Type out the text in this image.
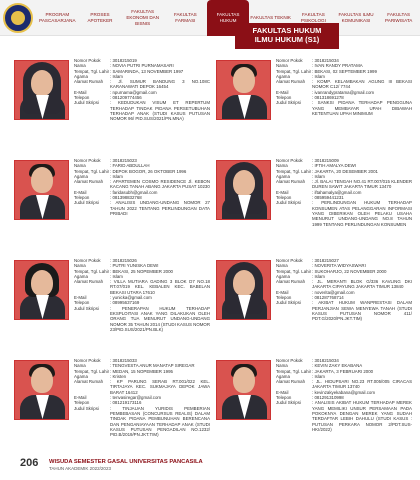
PROGRAM PASCASARJANA
PROSES APOTEKER
FAKULTAS EKONOMI DAN BISNIS
FAKULTAS FARMASI
FAKULTAS HUKUM
FAKULTAS TEKNIK
FAKULTAS PSIKOLOGI
FAKULTAS ILMU KOMUNIKASI
FAKULTAS PARIWISATA
FAKULTAS HUKUM
ILMU HUKUM (S1)
Nomor Pokok	: 3018215019
Nama	: NOVIA PUTRI PURNAMASARI
Tempat, Tgl. Lahir : SAMARINDA, 13 NOVEMBER 1997
Agama	: Islam
Alamat Rumah	: Jl. SUMUR BANDUNG 3 NO.108C KARANAWATI DEPOK 16454
E-Mail	: npurnama@gmail.com
Telepon	: 081209774456
Judul Skripsi	: KEDUDUKAN VISUM ET REPERTUM TERHADAP TINDAK PIDANA PERSETUBUHAN TERHADAP ANAK (STUDI KASUS PUTUSAN NOMOR 96/ PID.SUS/2021/PN.MNA)
Nomor Pokok	: 3018215034
Nama	: IVAN RANDY PRATAMA
Tempat, Tgl. Lahir : BEKASI, 02 SEPTEMBER 1999
Agama	: Islam
Alamat Rumah	: KOMP. KELAMBAKAN AGUNG III BEKASI NOMOR C12/ 7744
E-Mail	: ivanrandypratama@gmail.com
Telepon	: 081318691278
Judul Skripsi	: SANKSI PIDANA TERHADAP PENGGUNA YANG MEMBAYAR UPAH DIBAWAH KETENTUAN UPAH MINIMUM
Nomor Pokok	: 3018215023
Nama	: FARID ABDULLAH
Tempat, Tgl. Lahir : DEPOK BOGOR, 26 OKTOBER 1996
Agama	: Islam
Alamat Rumah	: APARTEMEN COSMO RESIDENCE Jl. KEBON KACANG TANAH ABANG JAKARTA PUSAT 10230
E-Mail	: faridasubh@gmail.com
Telepon	: 081398832768
Judul Skripsi	: ANALISIS UNDANG-UNDANG NOMOR 27 TAHUN 2022 TENTANG PERLINDUNGAN DATA PRIBADI
Nomor Pokok	: 3018215009
Nama	: IFTIH AMALYA DEWI
Tempat, Tgl. Lahir : JAKARTA, 20 DESEMBER 2001
Agama	: Islam
Alamat Rumah	: Jl. BALAI TENGAH NO.41 RT.007/015 KLENDER DUREN SAWIT JAKARTA TIMUR 13470
E-Mail	: iftahamalya@gmail.com
Telepon	: 085959441231
Judul Skripsi	: PERLINDUNGAN HUKUM TERHADAP KONSUMEN ATAS PELANGGARAN INFORMASI YANG DIBERIKAN OLEH PELAKU USAHA MENURUT UNDANG-UNDANG NO.8 TAHUN 1999 TENTANG PERLINDUNGAN KONSUMEN
Nomor Pokok	: 3018215026
Nama	: PUTRI YUNISKA DEWI
Tempat, Tgl. Lahir : BEKASI, 25 NOPEMBER 2000
Agama	: Islam
Alamat Rumah	: VILLA MUTIARA GADING 3 BLOK D7 NO.18 RT.07/019 KEL. KEBALEN KEC. BABELAN BEKASI UTARA 17610
E-Mail	: yunicka@gmail.com
Telepon	: 08995637169
Judul Skripsi	: PENERAPAN HUKUM TERHADAP EKSPLOITASI ANAK YANG DILAKUKAN OLEH ORANG TUA MENURUT UNDANG-UNDANG NOMOR 35 TAHUN 2014 (STUDI KASUS NOMOR 23/PID.SUS/2021/PN.BLK)
Nomor Pokok	: 3018215027
Nama	: NOVERITA WIDYASWARI
Tempat, Tgl. Lahir : SUKOHARJO, 22 NOVEMBER 2000
Agama	: Islam
Alamat Rumah	: JL. MERANTI BLOK G/336 KAVLING DKI JAKARTA CIPAYUNG JAKARTA TIMUR 13840
E-Mail	: noverita@gmail.com
Telepon	: 081287768714
Judul Skripsi	: AKIBAT HUKUM WANPRESTASI DALAM PERJANJIAN SEWA MENYEWA TANAH (STUDI KASUS PUTUSAN NOMOR 411/ PDT.G/2020/PN.JKT.TIM)
Nomor Pokok	: 3018215033
Nama	: TENGVESTA ANUR MANATAP SIREGAR
Tempat, Tgl. Lahir : MEDAN, 15 NOPEMBER 1995
Agama	: Kristen
Alamat Rumah	: KP PARUNG SERAB RT.001/022 KEL. TIRTAJAYA KEC. SUKMAJAYA DEPOK JAWA BARAT 16412
E-Mail	: tenvasiregar@gmail.com
Telepon	: 081219173116
Judul Skripsi	: TINJAUAN YURIDIS PEMBERIAN PEMBEBASAN (CONCURSUS REALIS) DALAM TINDAK PIDANA PEMBUNUHAN BERENCANA DAN PENGANIAYAAN TERHADAP ANAK (STUDI KASUS PUTUSAN PENGADILAN NO.1232/ PID.B/2019/PN.JKT.TIM)
Nomor Pokok	: 3018215034
Nama	: KEVIN ZAKY EKABANA
Tempat, Tgl. Lahir : JAKARTA, 3 FEBRUARI 2000
Agama	: Islam
Alamat Rumah	: JL. HIDUPSARI NO.23 RT.005/005 CIRACAS JAKARTA TIMUR 13740
E-Mail	: kevinzakyekabana@gmail.com
Telepon	: 081291310998
Judul Skripsi	: ANALISIS AKIBAT HUKUM TERHADAP MEREK YANG MEMILIKI UNSUR PERSAMAAN PADA POKOKNYA DENGAN MEREK YANG SUDAH TERDAFTAR LEBIH DAHULU (STUDI KASUS : PUTUSAN PERKARA NOMOR 2/PDT.SUS-HKI/2022)
206 WISUDA SEMESTER GASAL UNIVERSITAS PANCASILA
TAHUN AKADEMIK 2022/2023
